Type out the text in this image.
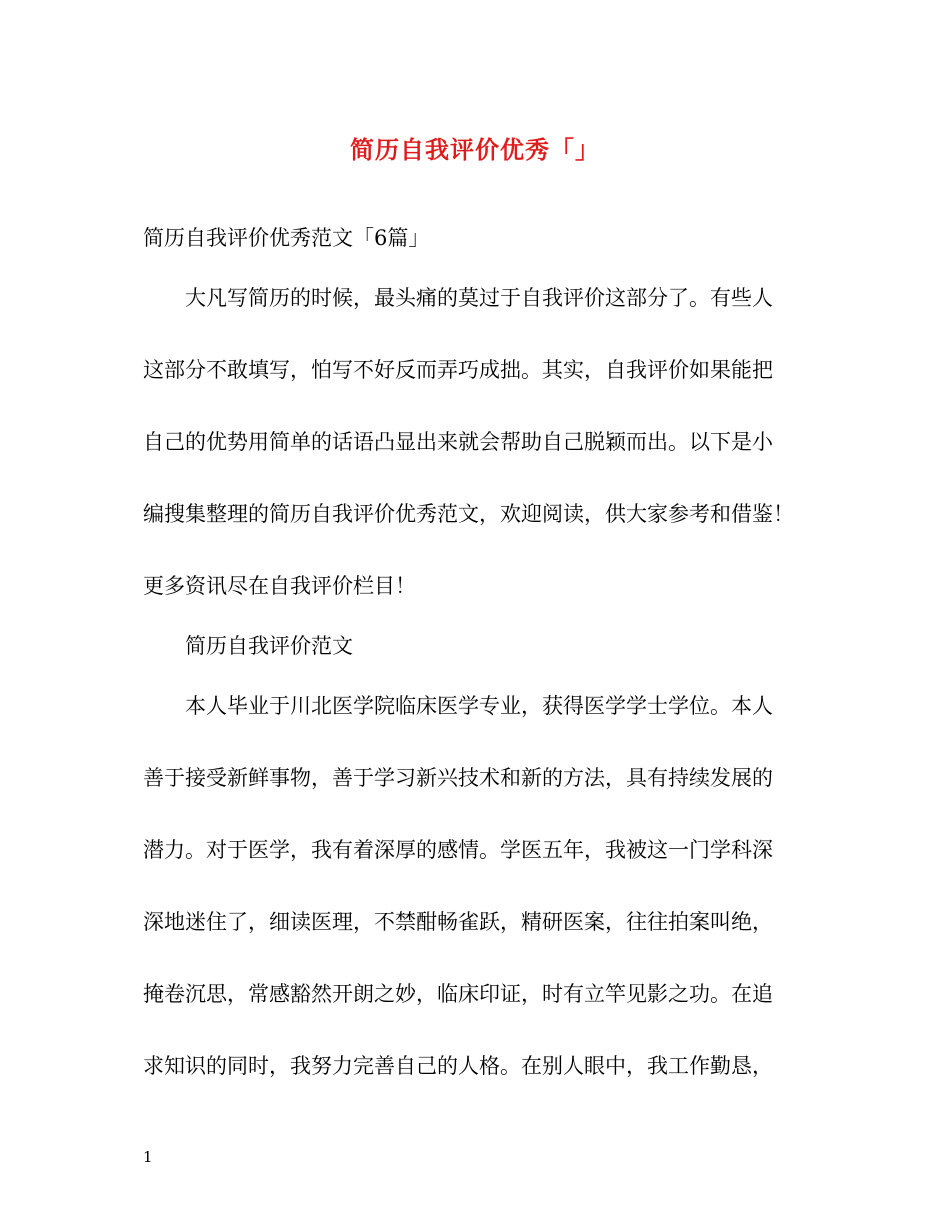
简历自我评价优秀「」

简历自我评价优秀范文「6篇」

大凡写简历的时候，最头痛的莫过于自我评价这部分了。有些人
这部分不敢填写，怕写不好反而弄巧成拙。其实，自我评价如果能把
自己的优势用简单的话语凸显出来就会帮助自己脱颖而出。以下是小
编搜集整理的简历自我评价优秀范文，欢迎阅读，供大家参考和借鉴！
更多资讯尽在自我评价栏目！

简历自我评价范文

本人毕业于川北医学院临床医学专业，获得医学学士学位。本人
善于接受新鲜事物，善于学习新兴技术和新的方法，具有持续发展的
潜力。对于医学，我有着深厚的感情。学医五年，我被这一门学科深
深地迷住了，细读医理，不禁酣畅雀跃，精研医案，往往拍案叫绝，
掩卷沉思，常感豁然开朗之妙，临床印证，时有立竿见影之功。在追
求知识的同时，我努力完善自己的人格。在别人眼中，我工作勤恳，

1
